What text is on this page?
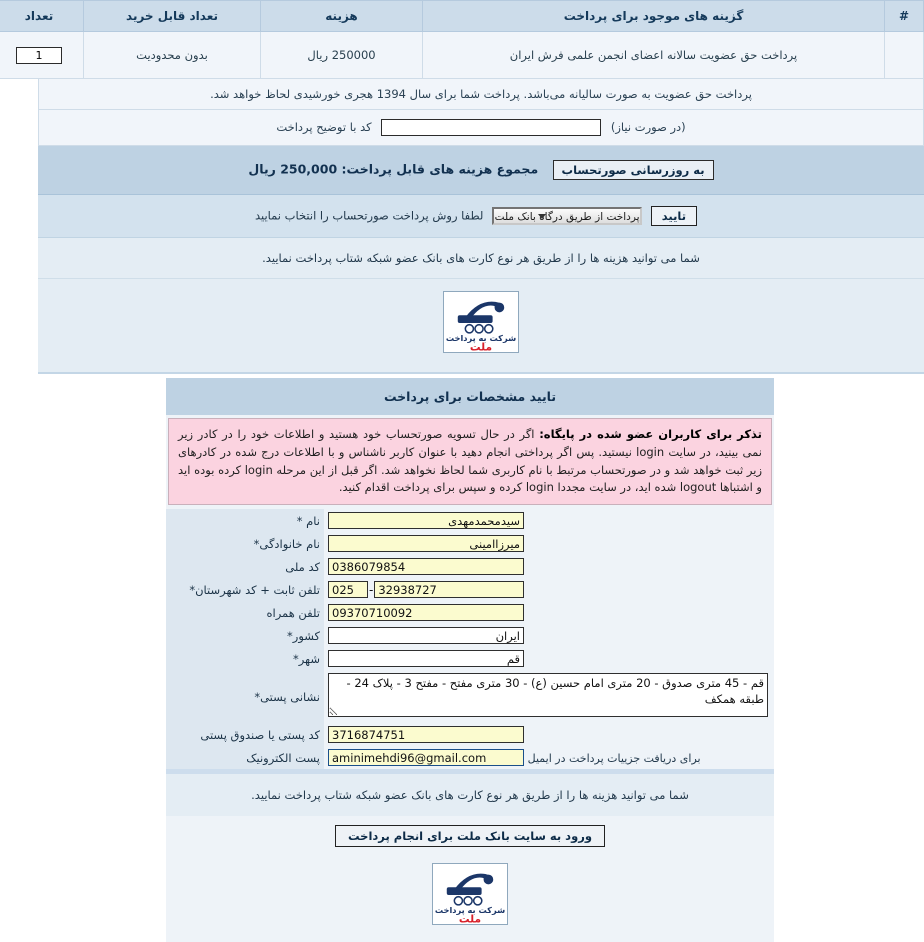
#	گزینه های موجود برای پرداخت	هزینه	تعداد قابل خرید	تعداد
	پرداخت حق عضویت سالانه اعضای انجمن علمی فرش ایران	250000 ریال	بدون محدودیت	1
پرداخت حق عضویت به صورت سالیانه می‌باشد. پرداخت شما برای سال 1394 هجری خورشیدی لحاظ خواهد شد.
(در صورت نیاز)  کد با توضیح پرداخت
به روزرسانی صورتحساب مجموع هزینه های قابل پرداخت: 250,000 ریال
تایید پرداخت از طریق درگاه بانک ملت
لطفا روش پرداخت صورتحساب را انتخاب نمایید
شما می توانید هزینه ها را از طریق هر نوع کارت های بانک عضو شبکه شتاب پرداخت نمایید.
شرکت به پرداخت
ملت
تایید مشخصات برای پرداخت
تذکر برای کاربران عضو شده در پایگاه: اگر در حال تسویه صورتحساب خود هستید و اطلاعات خود را در کادر زیر نمی بینید، در سایت login نیستید. پس اگر پرداختی انجام دهید با عنوان کاربر ناشناس و با اطلاعات درج شده در کادرهای زیر ثبت خواهد شد و در صورتحساب مرتبط با نام کاربری شما لحاظ نخواهد شد. اگر قبل از این مرحله login کرده بوده اید و اشتباها logout شده اید، در سایت مجددا login کرده و سپس برای پرداخت اقدام کنید.
سیدمحمدمهدی	نام *
میرزاامینی	نام خانوادگی*
0386079854	کد ملی
32938727-025	تلفن ثابت + کد شهرستان*
09370710092	تلفن همراه
ایران	کشور*
قم	شهر*
قم - 45 متری صدوق - 20 متری امام حسین (ع) - 30 متری مفتح - مفتح 3 - پلاک 24 - طبقه همکف	نشانی پستی*
3716874751	کد پستی یا صندوق پستی
برای دریافت جزییات پرداخت در ایمیل aminimehdi96@gmail.com	پست الکترونیک
شما می توانید هزینه ها را از طریق هر نوع کارت های بانک عضو شبکه شتاب پرداخت نمایید.
ورود به سایت بانک ملت برای انجام پرداخت
شرکت به پرداخت
ملت
